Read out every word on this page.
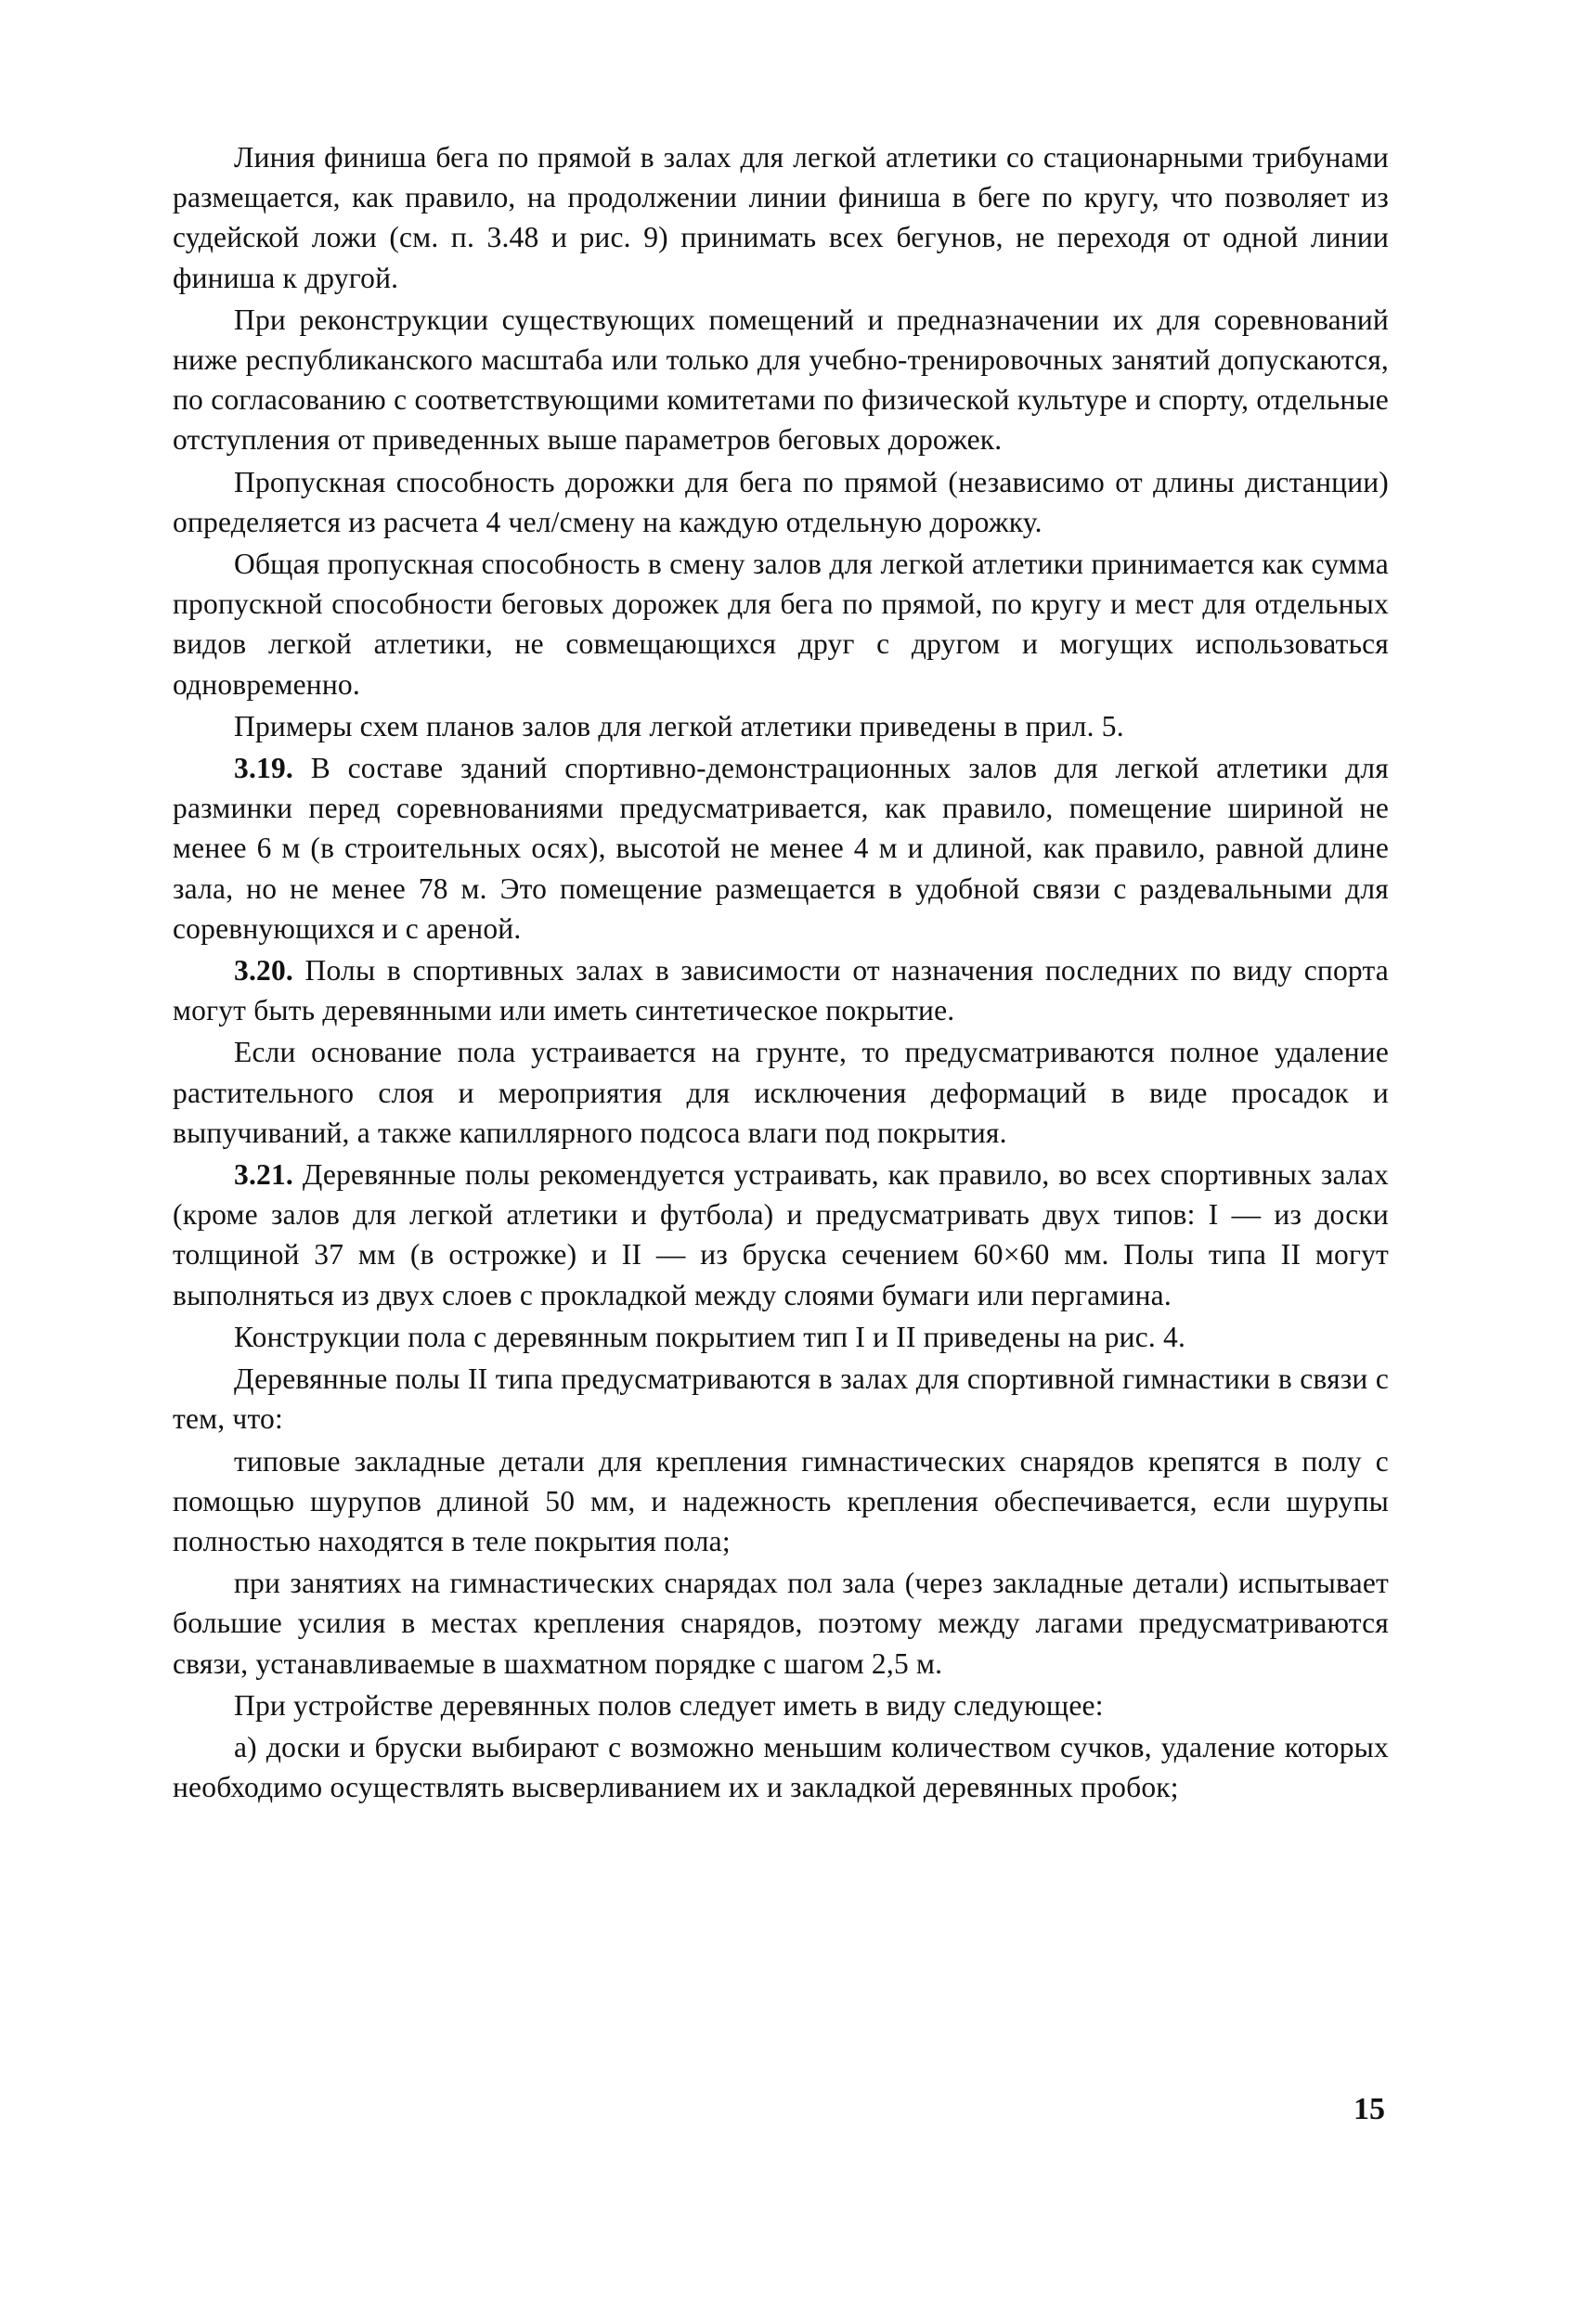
Линия финиша бега по прямой в залах для легкой атлетики со стационарными трибунами размещается, как правило, на продолжении линии финиша в беге по кругу, что позволяет из судейской ложи (см. п. 3.48 и рис. 9) принимать всех бегунов, не переходя от одной линии финиша к другой.

При реконструкции существующих помещений и предназначении их для соревнований ниже республиканского масштаба или только для учебно-тренировочных занятий допускаются, по согласованию с соответствующими комитетами по физической культуре и спорту, отдельные отступления от приведенных выше параметров беговых дорожек.

Пропускная способность дорожки для бега по прямой (независимо от длины дистанции) определяется из расчета 4 чел/смену на каждую отдельную дорожку.

Общая пропускная способность в смену залов для легкой атлетики принимается как сумма пропускной способности беговых дорожек для бега по прямой, по кругу и мест для отдельных видов легкой атлетики, не совмещающихся друг с другом и могущих использоваться одновременно.

Примеры схем планов залов для легкой атлетики приведены в прил. 5.

3.19. В составе зданий спортивно-демонстрационных залов для легкой атлетики для разминки перед соревнованиями предусматривается, как правило, помещение шириной не менее 6 м (в строительных осях), высотой не менее 4 м и длиной, как правило, равной длине зала, но не менее 78 м. Это помещение размещается в удобной связи с раздевальными для соревнующихся и с ареной.

3.20. Полы в спортивных залах в зависимости от назначения последних по виду спорта могут быть деревянными или иметь синтетическое покрытие.

Если основание пола устраивается на грунте, то предусматриваются полное удаление растительного слоя и мероприятия для исключения деформаций в виде просадок и выпучиваний, а также капиллярного подсоса влаги под покрытия.

3.21. Деревянные полы рекомендуется устраивать, как правило, во всех спортивных залах (кроме залов для легкой атлетики и футбола) и предусматривать двух типов: I — из доски толщиной 37 мм (в острожке) и II — из бруска сечением 60×60 мм. Полы типа II могут выполняться из двух слоев с прокладкой между слоями бумаги или пергамина.

Конструкции пола с деревянным покрытием тип I и II приведены на рис. 4.

Деревянные полы II типа предусматриваются в залах для спортивной гимнастики в связи с тем, что:

типовые закладные детали для крепления гимнастических снарядов крепятся в полу с помощью шурупов длиной 50 мм, и надежность крепления обеспечивается, если шурупы полностью находятся в теле покрытия пола;

при занятиях на гимнастических снарядах пол зала (через закладные детали) испытывает большие усилия в местах крепления снарядов, поэтому между лагами предусматриваются связи, устанавливаемые в шахматном порядке с шагом 2,5 м.

При устройстве деревянных полов следует иметь в виду следующее:

а) доски и бруски выбирают с возможно меньшим количеством сучков, удаление которых необходимо осуществлять высверливанием их и закладкой деревянных пробок;

15
